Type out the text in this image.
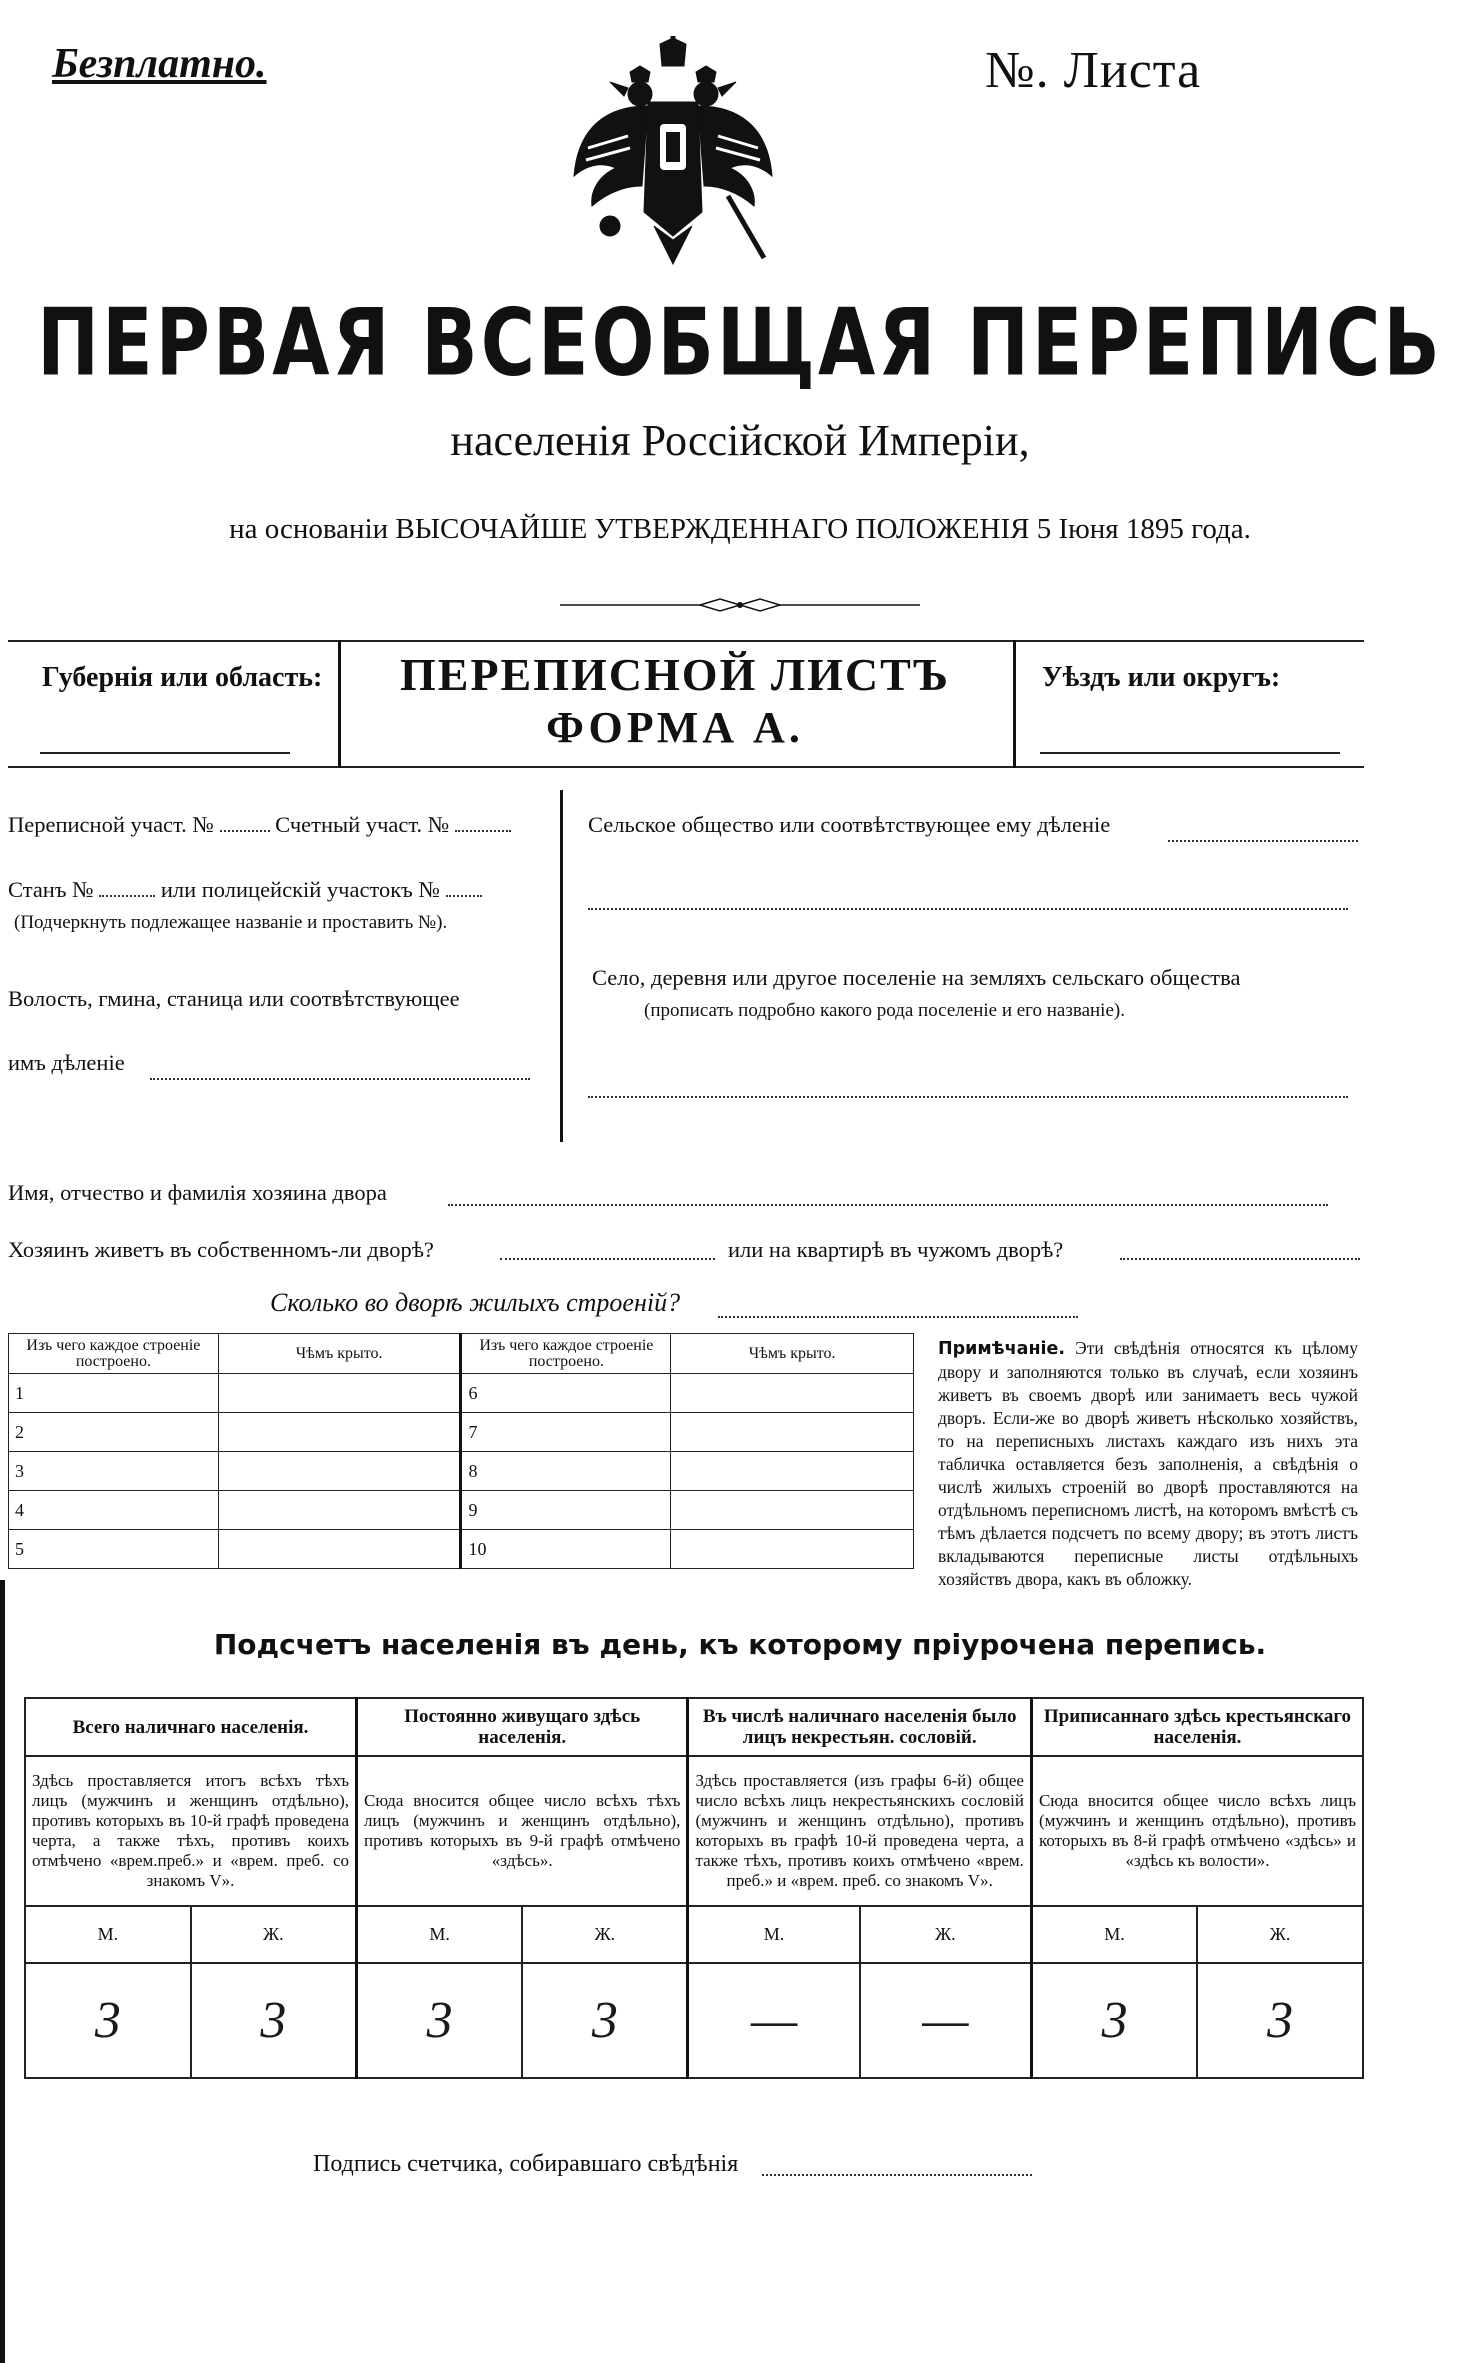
Безплатно.	№. Листа
ПЕРВАЯ ВСЕОБЩАЯ ПЕРЕПИСЬ
населенія Россійской Имперіи,
на основаніи ВЫСОЧАЙШЕ УТВЕРЖДЕННАГО ПОЛОЖЕНІЯ 5 Іюня 1895 года.
Губернія или область:	ПЕРЕПИСНОЙ ЛИСТЪ
ФОРМА А.
Уѣздъ или округъ:
Переписной участ. №	Счетный участ. №
Станъ №	или полицейскій участокъ №
(Подчеркнуть подлежащее названіе и проставить №).
Волость, гмина, станица или соотвѣтствующее
имъ дѣленіе
Сельское общество или соотвѣтствующее ему дѣленіе
Село, деревня или другое поселеніе на земляхъ сельскаго общества
(прописать подробно какого рода поселеніе и его названіе).
Имя, отчество и фамилія хозяина двора
Хозяинъ живетъ въ собственномъ-ли дворѣ?	или на квартирѣ въ чужомъ дворѣ?
Сколько во дворѣ жилыхъ строеній?
Изъ чего каждое строеніе построено.	Чѣмъ крыто.	Изъ чего каждое строеніе построено.	Чѣмъ крыто.
1		6	
2		7	
3		8	
4		9	
5		10	
Примѣчаніе. Эти свѣдѣнія относятся къ цѣлому двору и заполняются только въ случаѣ, если хозяинъ живетъ въ своемъ дворѣ или занимаетъ весь чужой дворъ. Если-же во дворѣ живетъ нѣсколько хозяйствъ, то на переписныхъ листахъ каждаго изъ нихъ эта табличка оставляется безъ заполненія, а свѣдѣнія о числѣ жилыхъ строеній во дворѣ проставляются на отдѣльномъ переписномъ листѣ, на которомъ вмѣстѣ съ тѣмъ дѣлается подсчетъ по всему двору; въ этотъ листъ вкладываются переписные листы отдѣльныхъ хозяйствъ двора, какъ въ обложку.
Подсчетъ населенія въ день, къ которому пріурочена перепись.
Всего наличнаго населенія.		Постоянно живущаго здѣсь населенія.		Въ числѣ наличнаго населенія было лицъ некрестьян. сословій.		Приписаннаго здѣсь крестьянскаго населенія.	
Здѣсь проставляется итогъ всѣхъ тѣхъ лицъ (мужчинъ и женщинъ отдѣльно), противъ которыхъ въ 10-й графѣ проведена черта, а также тѣхъ, противъ коихъ отмѣчено «врем.преб.» и «врем. преб. со знакомъ V».		Сюда вносится общее число всѣхъ тѣхъ лицъ (мужчинъ и женщинъ отдѣльно), противъ которыхъ въ 9-й графѣ отмѣчено «здѣсь».		Здѣсь проставляется (изъ графы 6-й) общее число всѣхъ лицъ некрестьянскихъ сословій (мужчинъ и женщинъ отдѣльно), противъ которыхъ въ графѣ 10-й проведена черта, а также тѣхъ, противъ коихъ отмѣчено «врем. преб.» и «врем. преб. со знакомъ V».		Сюда вносится общее число всѣхъ лицъ (мужчинъ и женщинъ отдѣльно), противъ которыхъ въ 8-й графѣ отмѣчено «здѣсь» и «здѣсь къ волости».	
М.	Ж.	М.	Ж.	М.	Ж.	М.	Ж.
3	3	3	3	—	—	3	3
Подпись счетчика, собиравшаго свѣдѣнія
